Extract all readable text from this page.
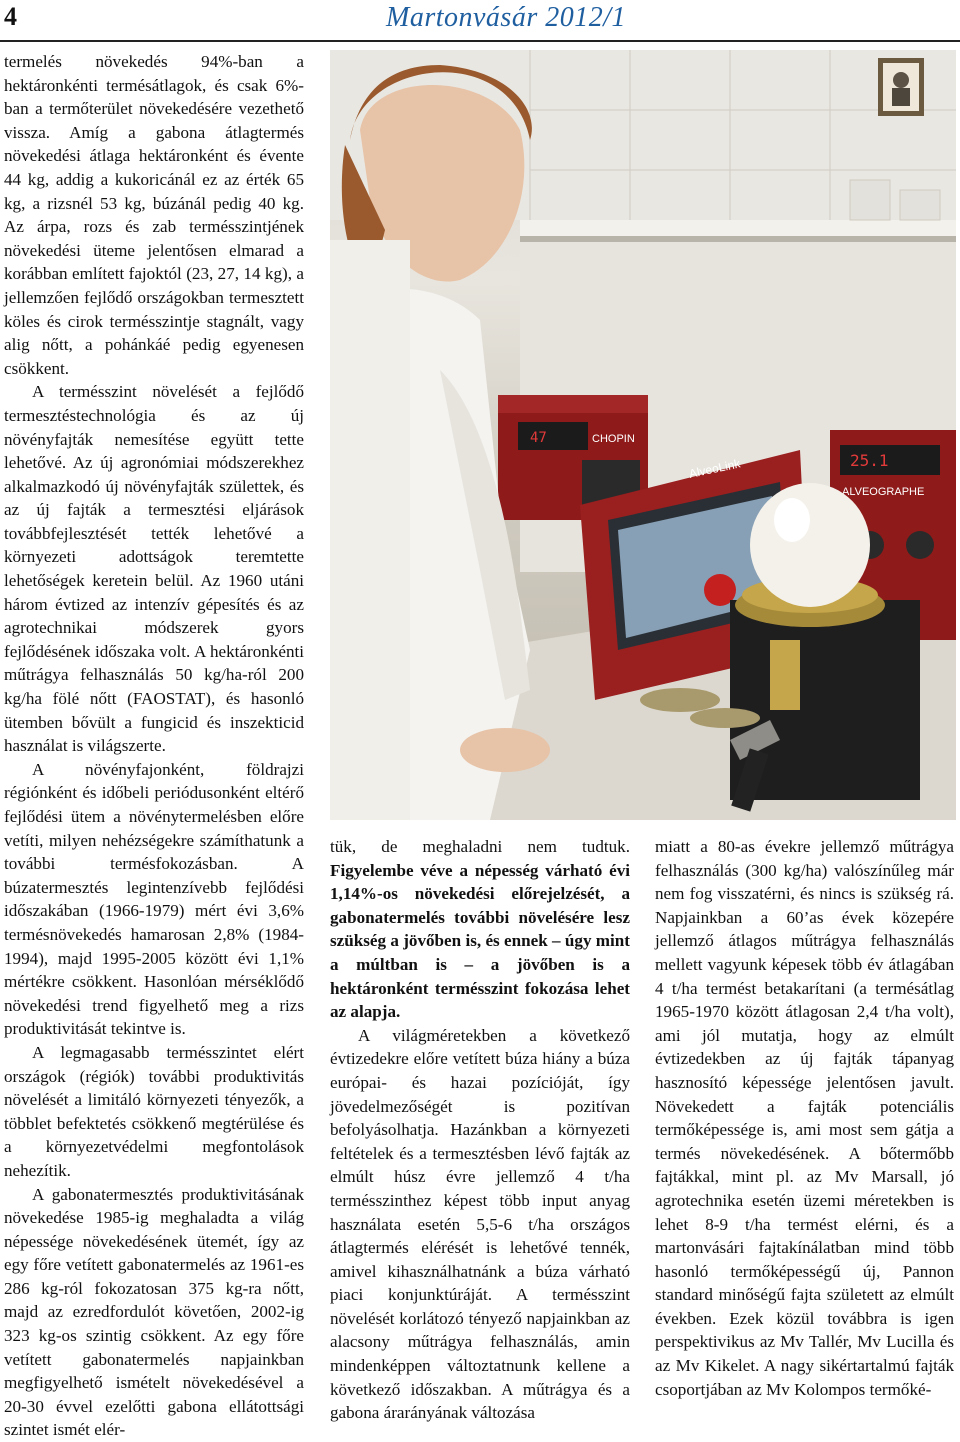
4	Martonvásár 2012/1

termelés növekedés 94%-ban a hektáronkénti termésátlagok, és csak 6%-ban a termőterület növekedésére vezethető vissza. Amíg a gabona átlagtermés növekedési átlaga hektáronként és évente 44 kg, addig a kukoricánál ez az érték 65 kg, a rizsnél 53 kg, búzánál pedig 40 kg. Az árpa, rozs és zab termésszintjének növekedési üteme jelentősen elmarad a korábban említett fajoktól (23, 27, 14 kg), a jellemzően fejlődő országokban termesztett köles és cirok termésszintje stagnált, vagy alig nőtt, a pohánkáé pedig egyenesen csökkent.

A termésszint növelését a fejlődő termesztéstechnológia és az új növényfajták nemesítése együtt tette lehetővé. Az új agronómiai módszerekhez alkalmazkodó új növényfajták születtek, és az új fajták a termesztési eljárások továbbfejlesztését tették lehetővé a környezeti adottságok teremtette lehetőségek keretein belül. Az 1960 utáni három évtized az intenzív gépesítés és az agrotechnikai módszerek gyors fejlődésének időszaka volt. A hektáronkénti műtrágya felhasználás 50 kg/ha-ról 200 kg/ha fölé nőtt (FAOSTAT), és hasonló ütemben bővült a fungicid és inszekticid használat is világszerte.

A növényfajonként, földrajzi régiónként és időbeli periódusonként eltérő fejlődési ütem a növénytermelésben előre vetíti, milyen nehézségekre számíthatunk a további termésfokozásban. A búzatermesztés legintenzívebb fejlődési időszakában (1966-1979) mért évi 3,6% termésnövekedés hamarosan 2,8% (1984-1994), majd 1995-2005 között évi 1,1% mértékre csökkent. Hasonlóan mérséklődő növekedési trend figyelhető meg a rizs produktivitását tekintve is.

A legmagasabb termésszintet elért országok (régiók) további produktivitás növelését a limitáló környezeti tényezők, a többlet befektetés csökkenő megtérülése és a környezetvédelmi megfontolások nehezítik.

A gabonatermesztés produktivitásának növekedése 1985-ig meghaladta a világ népessége növekedésének ütemét, így az egy főre vetített gabonatermelés az 1961-es 286 kg-ról fokozatosan 375 kg-ra nőtt, majd az ezredfordulót követően, 2002-ig 323 kg-os szintig csökkent. Az egy főre vetített gabonatermelés napjainkban megfigyelhető ismételt növekedésével a 20-30 évvel ezelőtti gabona ellátottsági szintet ismét elér-

47	CHOPIN
AlveoLink	25.1
ALVEOGRAPHE

tük, de meghaladni nem tudtuk. Figyelembe véve a népesség várható évi 1,14%-os növekedési előrejelzését, a gabonatermelés további növelésére lesz szükség a jövőben is, és ennek – úgy mint a múltban is – a jövőben is a hektáronként termésszint fokozása lehet az alapja.

A világméretekben a következő évtizedekre előre vetített búza hiány a búza európai- és hazai pozícióját, így jövedelmezőségét is pozitívan befolyásolhatja. Hazánkban a környezeti feltételek és a termesztésben lévő fajták az elmúlt húsz évre jellemző 4 t/ha termésszinthez képest több input anyag használata esetén 5,5-6 t/ha országos átlagtermés elérését is lehetővé tennék, amivel kihasználhatnánk a búza várható piaci konjunktúráját. A termésszint növelését korlátozó tényező napjainkban az alacsony műtrágya felhasználás, amin mindenképpen változtatnunk kellene a következő időszakban. A műtrágya és a gabona árarányának változása

miatt a 80-as évekre jellemző műtrágya felhasználás (300 kg/ha) valószínűleg már nem fog visszatérni, és nincs is szükség rá. Napjainkban a 60’as évek közepére jellemző átlagos műtrágya felhasználás mellett vagyunk képesek több év átlagában 4 t/ha termést betakarítani (a termésátlag 1965-1970 között átlagosan 2,4 t/ha volt), ami jól mutatja, hogy az elmúlt évtizedekben az új fajták tápanyag hasznosító képessége jelentősen javult. Növekedett a fajták potenciális termőképessége is, ami most sem gátja a termés növekedésének. A bőtermőbb fajtákkal, mint pl. az Mv Marsall, jó agrotechnika esetén üzemi méretekben is lehet 8-9 t/ha termést elérni, és a martonvásári fajtakínálatban mind több hasonló termőképességű új, Pannon standard minőségű fajta született az elmúlt években. Ezek közül továbbra is igen perspektivikus az Mv Tallér, Mv Lucilla és az Mv Kikelet. A nagy sikértartalmú fajták csoportjában az Mv Kolompos termőké-
